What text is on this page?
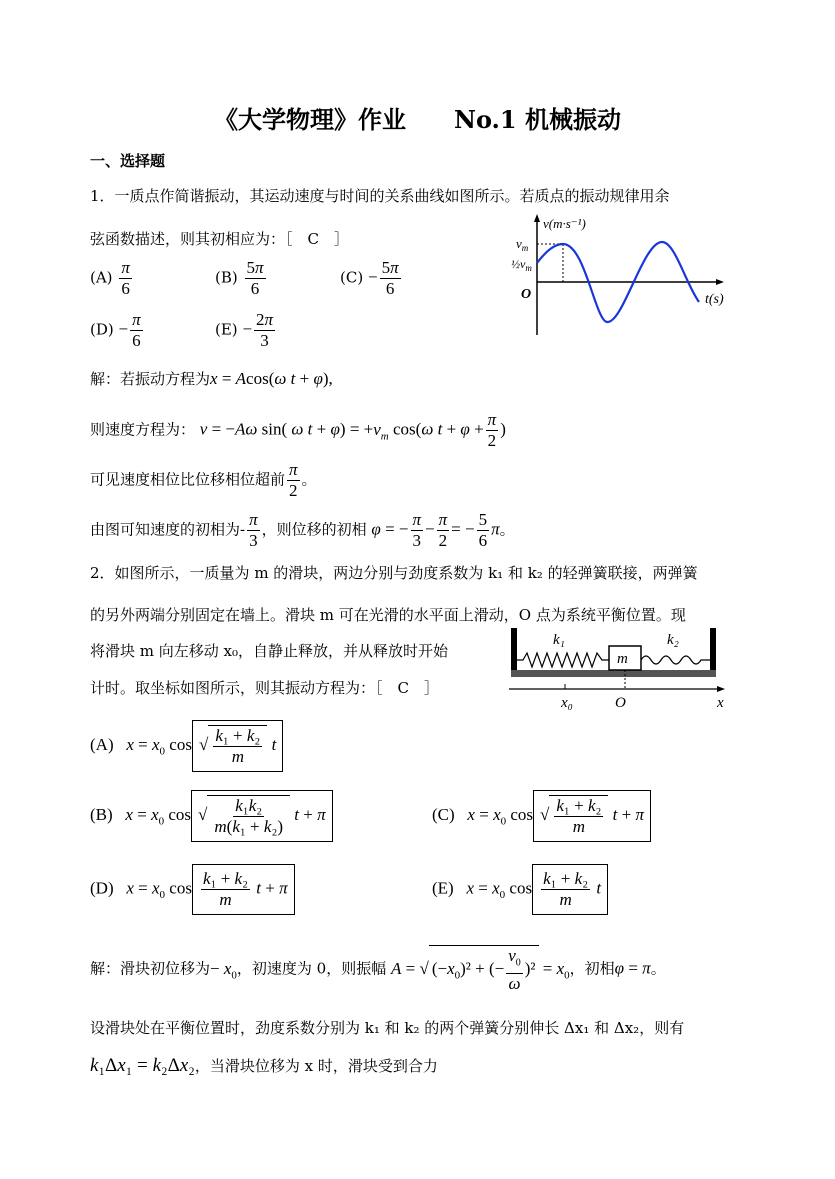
《大学物理》作业　　No.1 机械振动
一、选择题
1．一质点作简谐振动，其运动速度与时间的关系曲线如图所示。若质点的振动规律用余
弦函数描述，则其初相应为：［　C　］
$(A) \frac{\pi}{6}$	$(B) \frac{5\pi}{6}$	$(C) - \frac{5\pi}{6}$
$(D) - \frac{\pi}{6}$	$(E) - \frac{2\pi}{3}$
v(m·s⁻¹)
$v_m$
$\frac{1}{2}v_m$
O	t(s)
解：若振动方程为x = Acos(ω t + φ),
则速度方程为： v = −Aω sin( ω $t + \varphi) = +v_m$ cos(ω $t + \varphi + \frac{\pi}{2}$ )
可见速度相位比位移相位超前 $\frac{\pi}{2}$ 。
由图可知速度的初相为- $\frac{\pi}{3}$ ，则位移的初相 φ = − $\frac{\pi}{3} - \frac{\pi}{2}$ = − $\frac{5}{6}$ π。
2．如图所示，一质量为 m 的滑块，两边分别与劲度系数为 k₁ 和 k₂ 的轻弹簧联接，两弹簧
的另外两端分别固定在墙上。滑块 m 可在光滑的水平面上滑动，O 点为系统平衡位置。现
将滑块 m 向左移动 x₀，自静止释放，并从释放时开始
计时。取坐标如图所示，则其振动方程为：［　C　］
m
k₁	k₂
x₀	O	x
(A)   $x = x_0$ cos √ $\frac{\text{k₁ + k₂}}{m}$ t
(B)   $x = x_0$ cos √ $\frac{\text{k₁k₂}}{\text{m(k₁ + k₂)}}$ t + π	(C)   $x = x_0$ cos √ $\frac{\text{k₁ + k₂}}{m}$ t + π
(D)   $x = x_0$ $\cos \frac{\text{k₁ + k₂}}{m}$ t + π	(E)   $x = x_0$ $\cos \frac{\text{k₁ + k₂}}{m}$ t
解：滑块初位移为− $x_0$，初速度为 0，则振幅 A = √ $(-x_0)^2$ + (− $\frac{v_0}{\omega} )^2 = x_0$，初相φ = π。
设滑块处在平衡位置时，劲度系数分别为 k₁ 和 k₂ 的两个弹簧分别伸长 Δx₁ 和 Δx₂，则有
k₁Δx₁ = k₂Δx₂，当滑块位移为 x 时，滑块受到合力
